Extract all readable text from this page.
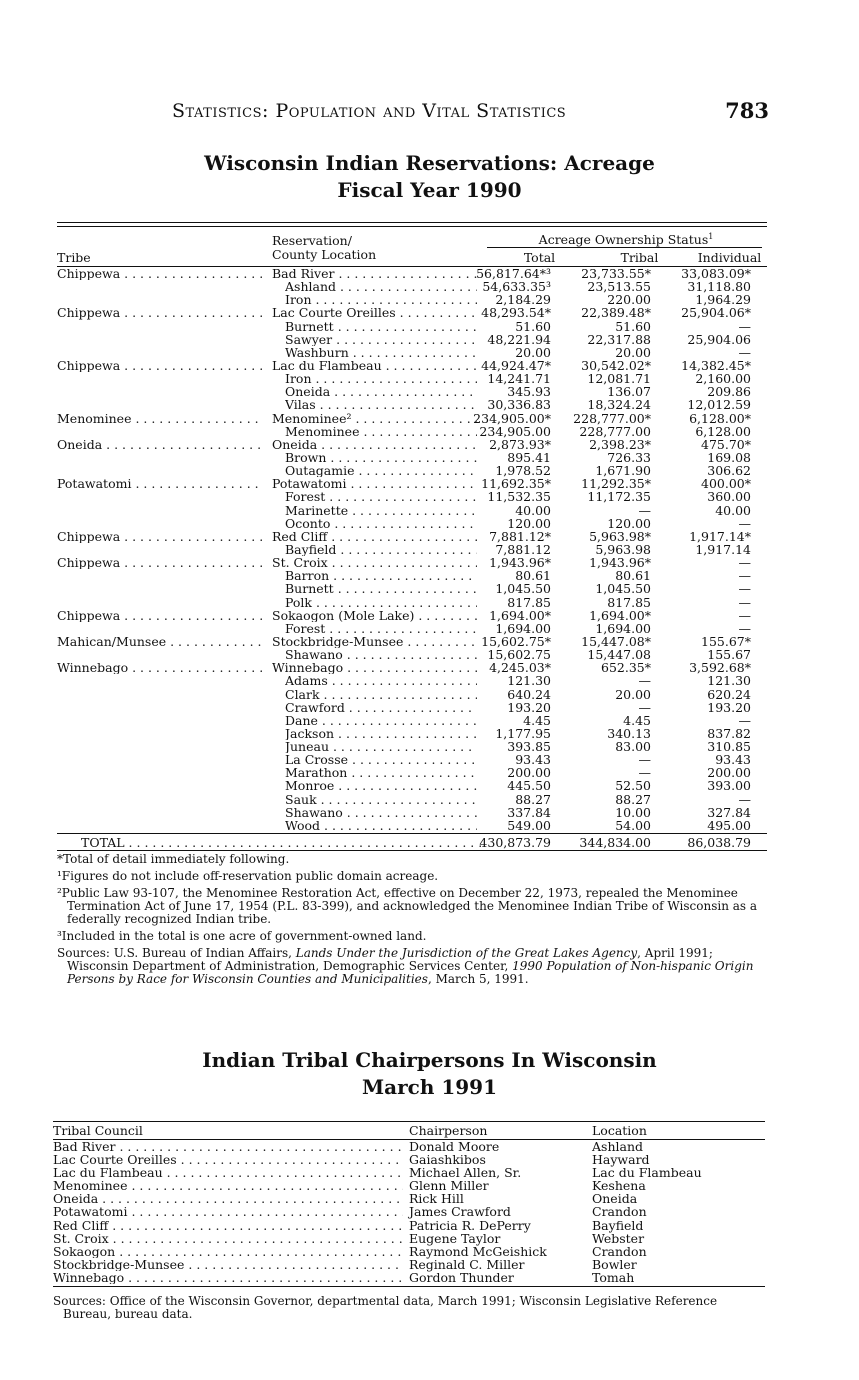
Statistics: Population and Vital Statistics	783
Wisconsin Indian Reservations: Acreage
Fiscal Year 1990
Tribe
Reservation/
County Location
Acreage Ownership Status$^1$
Total	Tribal	Individual
Chippewa . . .	Bad River . . .	56,817.64*³	23,733.55*	33,083.09*
Ashland . . .	54,633.35³	23,513.55	31,118.80
Iron . . .	2,184.29	220.00	1,964.29
Chippewa . . .	Lac Courte Oreilles . . .	48,293.54*	22,389.48*	25,904.06*
Burnett . . .	51.60	51.60	—
Sawyer . . .	48,221.94	22,317.88	25,904.06
Washburn . . .	20.00	20.00	—
Chippewa . . .	Lac du Flambeau . . .	44,924.47*	30,542.02*	14,382.45*
Iron . . .	14,241.71	12,081.71	2,160.00
Oneida . . .	345.93	136.07	209.86
Vilas . . .	30,336.83	18,324.24	12,012.59
Menominee . . .	Menominee² . . .	234,905.00* 228,777.00*	6,128.00*
Menominee . . .	234,905.00	228,777.00	6,128.00
Oneida . . .	Oneida . . .	2,873.93*	2,398.23*	475.70*
Brown . . .	895.41	726.33	169.08
Outagamie . . .	1,978.52	1,671.90	306.62
Potawatomi . . .	Potawatomi . . .	11,692.35*	11,292.35*	400.00*
Forest . . .	11,532.35	11,172.35	360.00
Marinette . . .	40.00	—	40.00
Oconto . . .	120.00	120.00	—
Chippewa . . .	Red Cliff . . .	7,881.12*	5,963.98*	1,917.14*
Bayfield . . .	7,881.12	5,963.98	1,917.14
Chippewa . . .	St. Croix . . .	1,943.96*	1,943.96*	—
Barron . . .	80.61	80.61	—
Burnett . . .	1,045.50	1,045.50	—
Polk . . .	817.85	817.85	—
Chippewa . . .	Sokaogon (Mole Lake) . . .	1,694.00*	1,694.00*	—
Forest . . .	1,694.00	1,694.00	—
Mahican/Munsee . . .	Stockbridge-Munsee . . .	15,602.75*	15,447.08*	155.67*
Shawano . . .	15,602.75	15,447.08	155.67
Winnebago . . .	Winnebago . . .	4,245.03*	652.35*	3,592.68*
Adams . . .	121.30	—	121.30
Clark . . .	640.24	20.00	620.24
Crawford . . .	193.20	—	193.20
Dane . . .	4.45	4.45	—
Jackson . . .	1,177.95	340.13	837.82
Juneau . . .	393.85	83.00	310.85
La Crosse . . .	93.43	—	93.43
Marathon . . .	200.00	—	200.00
Monroe . . .	445.50	52.50	393.00
Sauk . . .	88.27	88.27	—
Shawano . . .	337.84	10.00	327.84
Wood . . .	549.00	54.00	495.00
TOTAL . . .	430,873.79	344,834.00	86,038.79

*Total of detail immediately following.

¹Figures do not include off-reservation public domain acreage.

²Public Law 93-107, the Menominee Restoration Act, effective on December 22, 1973, repealed the Menominee Termination Act of June 17, 1954 (P.L. 83-399), and acknowledged the Menominee Indian Tribe of Wisconsin as a federally recognized Indian tribe.

³Included in the total is one acre of government-owned land.

Sources: U.S. Bureau of Indian Affairs, Lands Under the Jurisdiction of the Great Lakes Agency, April 1991; Wisconsin Department of Administration, Demographic Services Center, 1990 Population of Non-hispanic Origin Persons by Race for Wisconsin Counties and Municipalities, March 5, 1991.

Indian Tribal Chairpersons In Wisconsin
March 1991
Tribal Council	Chairperson	Location
Bad River . . .	Donald Moore	Ashland
Lac Courte Oreilles . . .	Gaiashkibos	Hayward
Lac du Flambeau . . .	Michael Allen, Sr.	Lac du Flambeau
Menominee . . .	Glenn Miller	Keshena
Oneida . . .	Rick Hill	Oneida
Potawatomi . . .	James Crawford	Crandon
Red Cliff . . .	Patricia R. DePerry	Bayfield
St. Croix . . .	Eugene Taylor	Webster
Sokaogon . . .	Raymond McGeishick	Crandon
Stockbridge-Munsee . . .	Reginald C. Miller	Bowler
Winnebago . . .	Gordon Thunder	Tomah

Sources: Office of the Wisconsin Governor, departmental data, March 1991; Wisconsin Legislative Reference Bureau, bureau data.
